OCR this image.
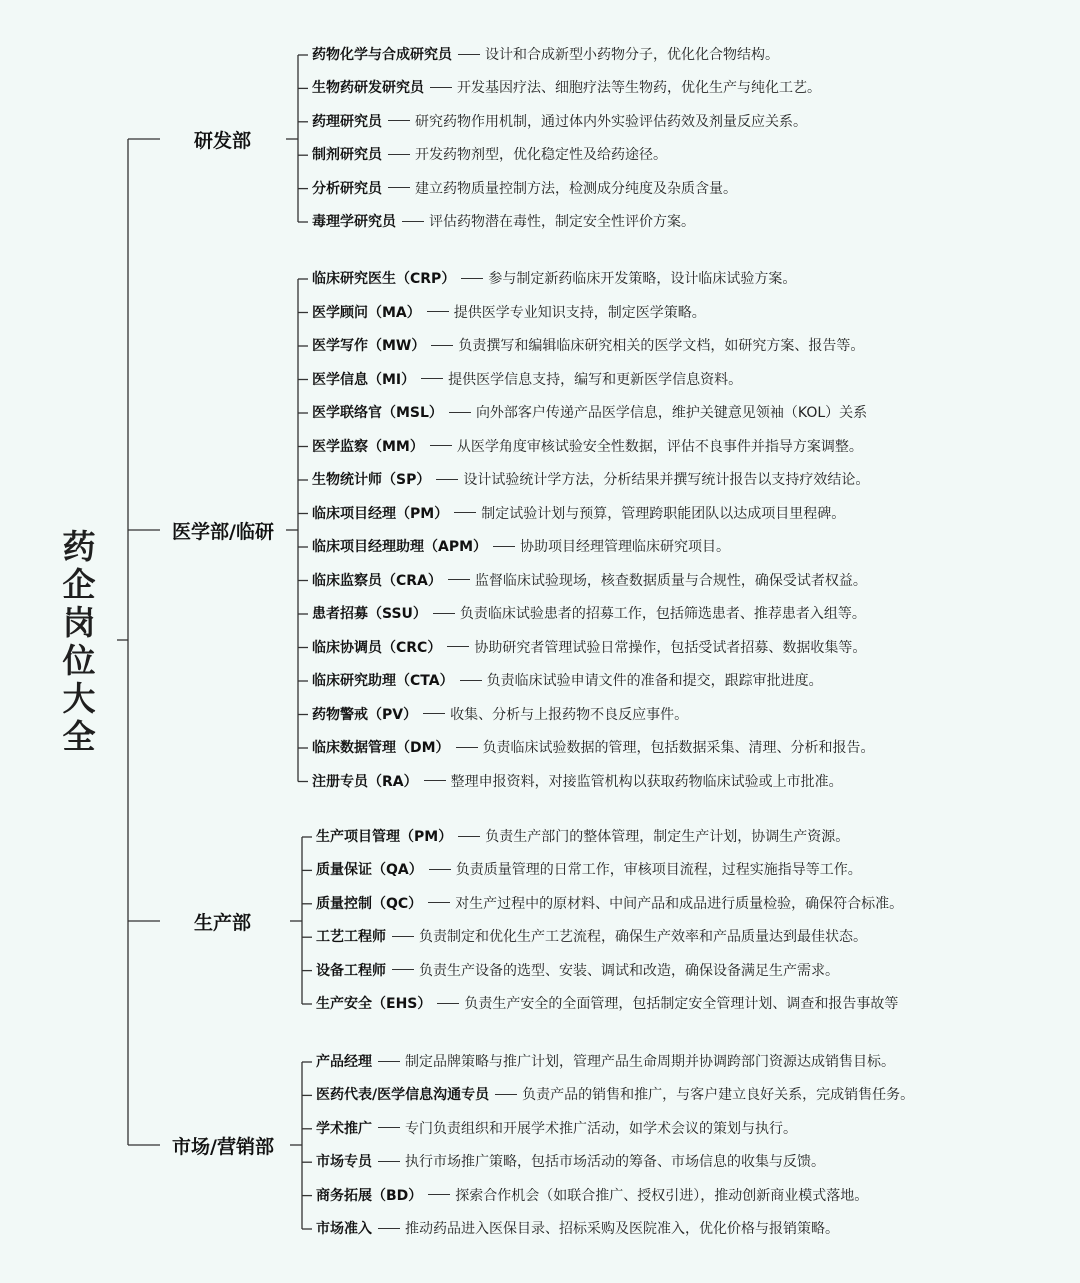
药
企
岗
位
大
全
研发部
药物化学与合成研究员 设计和合成新型小药物分子，优化化合物结构。
生物药研发研究员 开发基因疗法、细胞疗法等生物药，优化生产与纯化工艺。
药理研究员 研究药物作用机制，通过体内外实验评估药效及剂量反应关系。
制剂研究员 开发药物剂型，优化稳定性及给药途径。
分析研究员 建立药物质量控制方法，检测成分纯度及杂质含量。
毒理学研究员 评估药物潜在毒性，制定安全性评价方案。
医学部/临研
临床研究医生（CRP） 参与制定新药临床开发策略，设计临床试验方案。
医学顾问（MA） 提供医学专业知识支持，制定医学策略。
医学写作（MW） 负责撰写和编辑临床研究相关的医学文档，如研究方案、报告等。
医学信息（MI） 提供医学信息支持，编写和更新医学信息资料。
医学联络官（MSL） 向外部客户传递产品医学信息，维护关键意见领袖（KOL）关系
医学监察（MM） 从医学角度审核试验安全性数据，评估不良事件并指导方案调整。
生物统计师（SP） 设计试验统计学方法，分析结果并撰写统计报告以支持疗效结论。
临床项目经理（PM） 制定试验计划与预算，管理跨职能团队以达成项目里程碑。
临床项目经理助理（APM） 协助项目经理管理临床研究项目。
临床监察员（CRA） 监督临床试验现场，核查数据质量与合规性，确保受试者权益。
患者招募（SSU） 负责临床试验患者的招募工作，包括筛选患者、推荐患者入组等。
临床协调员（CRC） 协助研究者管理试验日常操作，包括受试者招募、数据收集等。
临床研究助理（CTA） 负责临床试验申请文件的准备和提交，跟踪审批进度。
药物警戒（PV） 收集、分析与上报药物不良反应事件。
临床数据管理（DM） 负责临床试验数据的管理，包括数据采集、清理、分析和报告。
注册专员（RA） 整理申报资料，对接监管机构以获取药物临床试验或上市批准。
生产部
生产项目管理（PM） 负责生产部门的整体管理，制定生产计划，协调生产资源。
质量保证（QA） 负责质量管理的日常工作，审核项目流程，过程实施指导等工作。
质量控制（QC） 对生产过程中的原材料、中间产品和成品进行质量检验，确保符合标准。
工艺工程师 负责制定和优化生产工艺流程，确保生产效率和产品质量达到最佳状态。
设备工程师 负责生产设备的选型、安装、调试和改造，确保设备满足生产需求。
生产安全（EHS） 负责生产安全的全面管理，包括制定安全管理计划、调查和报告事故等
市场/营销部
产品经理 制定品牌策略与推广计划，管理产品生命周期并协调跨部门资源达成销售目标。
医药代表/医学信息沟通专员 负责产品的销售和推广，与客户建立良好关系，完成销售任务。
学术推广 专门负责组织和开展学术推广活动，如学术会议的策划与执行。
市场专员 执行市场推广策略，包括市场活动的筹备、市场信息的收集与反馈。
商务拓展（BD） 探索合作机会（如联合推广、授权引进），推动创新商业模式落地。
市场准入 推动药品进入医保目录、招标采购及医院准入，优化价格与报销策略。
